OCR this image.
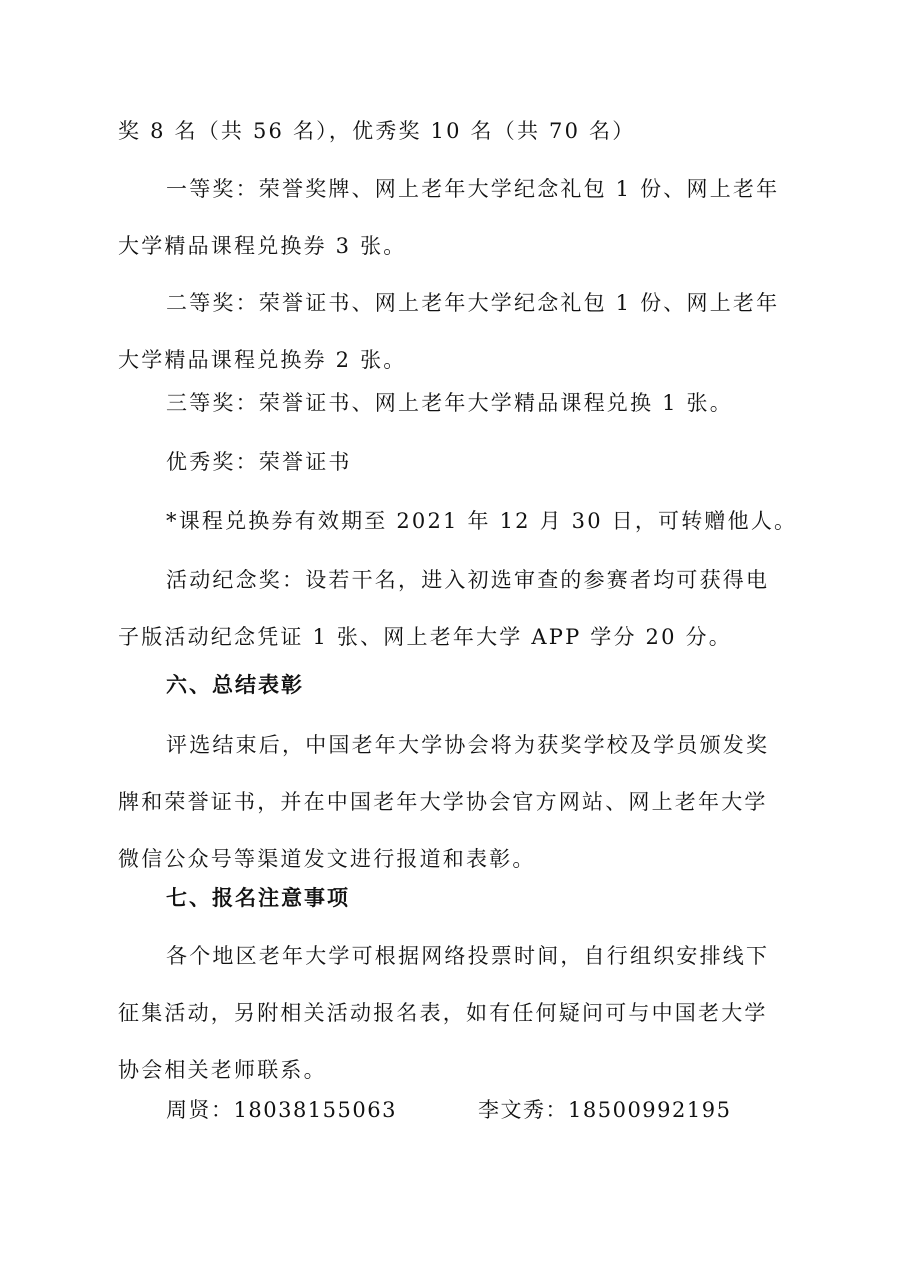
奖 8 名（共 56 名），优秀奖 10 名（共 70 名）
一等奖：荣誉奖牌、网上老年大学纪念礼包 1 份、网上老年
大学精品课程兑换券 3 张。
二等奖：荣誉证书、网上老年大学纪念礼包 1 份、网上老年
大学精品课程兑换券 2 张。
三等奖：荣誉证书、网上老年大学精品课程兑换 1 张。
优秀奖：荣誉证书
*课程兑换券有效期至 2021 年 12 月 30 日，可转赠他人。
活动纪念奖：设若干名，进入初选审查的参赛者均可获得电
子版活动纪念凭证 1 张、网上老年大学 APP 学分 20 分。
六、总结表彰
评选结束后，中国老年大学协会将为获奖学校及学员颁发奖
牌和荣誉证书，并在中国老年大学协会官方网站、网上老年大学
微信公众号等渠道发文进行报道和表彰。
七、报名注意事项
各个地区老年大学可根据网络投票时间，自行组织安排线下
征集活动，另附相关活动报名表，如有任何疑问可与中国老大学
协会相关老师联系。
周贤：18038155063	李文秀：18500992195
